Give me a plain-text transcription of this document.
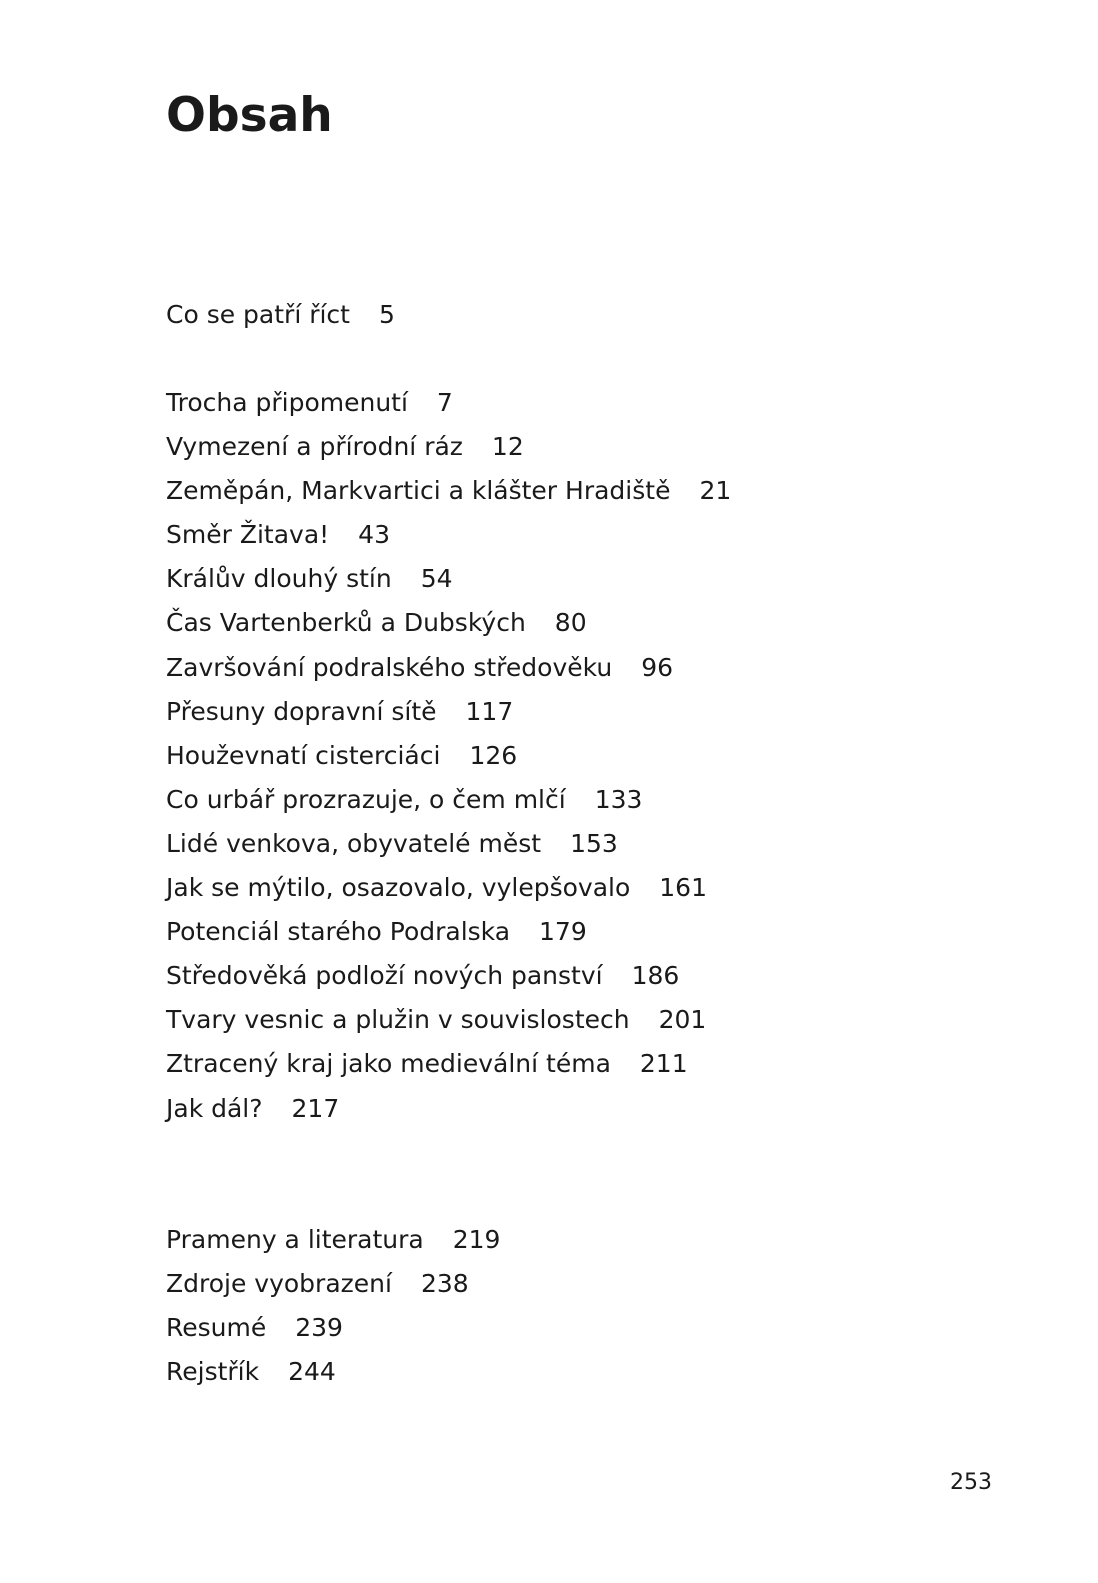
Obsah
Co se patří říct 5
Trocha připomenutí 7
Vymezení a přírodní ráz 12
Zeměpán, Markvartici a klášter Hradiště 21
Směr Žitava! 43
Králův dlouhý stín 54
Čas Vartenberků a Dubských 80
Završování podralského středověku 96
Přesuny dopravní sítě 117
Houževnatí cisterciáci 126
Co urbář prozrazuje, o čem mlčí 133
Lidé venkova, obyvatelé měst 153
Jak se mýtilo, osazovalo, vylepšovalo 161
Potenciál starého Podralska 179
Středověká podloží nových panství 186
Tvary vesnic a plužin v souvislostech 201
Ztracený kraj jako medievální téma 211
Jak dál? 217
Prameny a literatura 219
Zdroje vyobrazení 238
Resumé 239
Rejstřík 244
253
